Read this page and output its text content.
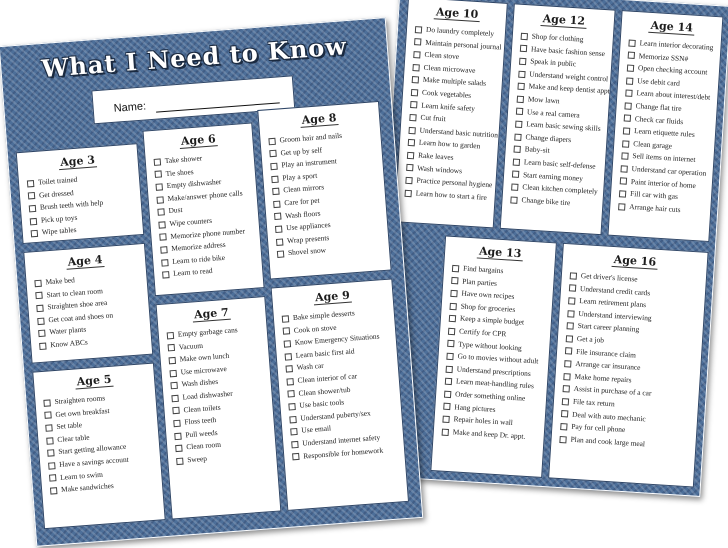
Age 10
Do laundry completely
Maintain personal journal
Clean stove
Clean microwave
Make multiple salads
Cook vegetables
Learn knife safety
Cut fruit
Understand basic nutrition
Learn how to garden
Rake leaves
Wash windows
Practice personal hygiene
Learn how to start a fire
Age 12
Shop for clothing
Have basic fashion sense
Speak in public
Understand weight control
Make and keep dentist appt.
Mow lawn
Use a real camera
Learn basic sewing skills
Change diapers
Baby-sit
Learn basic self-defense
Start earning money
Clean kitchen completely
Change bike tire
Age 14
Learn interior decorating
Memorize SSN#
Open checking account
Use debit card
Learn about interest/debt
Change flat tire
Check car fluids
Learn etiquette rules
Clean garage
Sell items on internet
Understand car operation
Paint interior of home
Fill car with gas
Arrange hair cuts
Age 13
Find bargains
Plan parties
Have own recipes
Shop for groceries
Keep a simple budget
Certify for CPR
Type without looking
Go to movies without adult
Understand prescriptions
Learn meat-handling rules
Order something online
Hang pictures
Repair holes in wall
Make and keep Dr. appt.
Age 16
Get driver's license
Understand credit cards
Learn retirement plans
Understand interviewing
Start career planning
Get a job
File insurance claim
Arrange car insurance
Make home repairs
Assist in purchase of a car
File tax return
Deal with auto mechanic
Pay for cell phone
Plan and cook large meal
What I Need to Know
Name:
Age 3
Toilet trained
Get dressed
Brush teeth with help
Pick up toys
Wipe tables
Age 4
Make bed
Start to clean room
Straighten shoe area
Get coat and shoes on
Water plants
Know ABCs
Age 5
Straighten rooms
Get own breakfast
Set table
Clear table
Start getting allowance
Have a savings account
Learn to swim
Make sandwiches
Age 6
Take shower
Tie shoes
Empty dishwasher
Make/answer phone calls
Dust
Wipe counters
Memorize phone number
Memorize address
Learn to ride bike
Learn to read
Age 7
Empty garbage cans
Vacuum
Make own lunch
Use microwave
Wash dishes
Load dishwasher
Clean toilets
Floss teeth
Pull weeds
Clean room
Sweep
Age 8
Groom hair and nails
Get up by self
Play an instrument
Play a sport
Clean mirrors
Care for pet
Wash floors
Use appliances
Wrap presents
Shovel snow
Age 9
Bake simple desserts
Cook on stove
Know Emergency Situations
Learn basic first aid
Wash car
Clean interior of car
Clean shower/tub
Use basic tools
Understand puberty/sex
Use email
Understand internet safety
Responsible for homework
